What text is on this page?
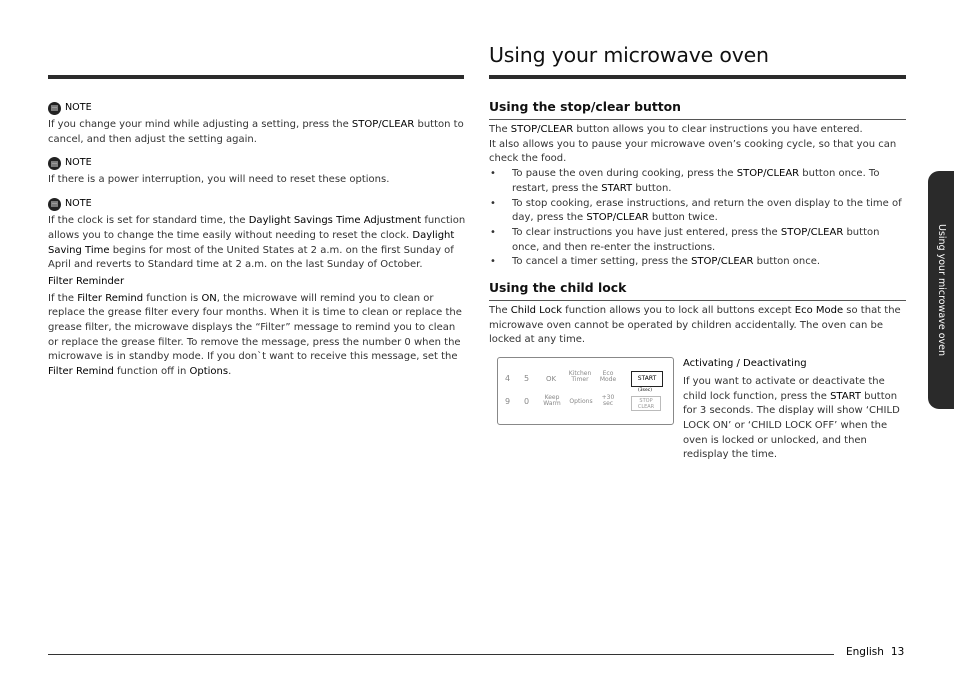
Using your microwave oven
▤ NOTE

If you change your mind while adjusting a setting, press the STOP/CLEAR button to cancel, and then adjust the setting again.

▤ NOTE

If there is a power interruption, you will need to reset these options.

▤ NOTE

If the clock is set for standard time, the Daylight Savings Time Adjustment function allows you to change the time easily without needing to reset the clock. Daylight Saving Time begins for most of the United States at 2 a.m. on the first Sunday of April and reverts to Standard time at 2 a.m. on the last Sunday of October.

Filter Reminder

If the Filter Remind function is ON, the microwave will remind you to clean or replace the grease filter every four months. When it is time to clean or replace the grease filter, the microwave displays the “Filter” message to remind you to clean or replace the grease filter. To remove the message, press the number 0 when the microwave is in standby mode. If you don`t want to receive this message, set the Filter Remind function off in Options.

Using the stop/clear button

The STOP/CLEAR button allows you to clear instructions you have entered.

It also allows you to pause your microwave oven’s cooking cycle, so that you can check the food.

• To pause the oven during cooking, press the STOP/CLEAR button once. To restart, press the START button.
• To stop cooking, erase instructions, and return the oven display to the time of day, press the STOP/CLEAR button twice.
• To clear instructions you have just entered, press the STOP/CLEAR button once, and then re-enter the instructions.
• To cancel a timer setting, press the STOP/CLEAR button once.
Using the child lock

The Child Lock function allows you to lock all buttons except Eco Mode so that the microwave oven cannot be operated by children accidentally. The oven can be locked at any time.

4 5
9 0
OK
Kitchen Timer
Eco Mode
Keep Warm Options
+30 sec
START
(3sec)
STOP
CLEAR

Activating / Deactivating

If you want to activate or deactivate the child lock function, press the START button for 3 seconds. The display will show ‘CHILD LOCK ON’ or ‘CHILD LOCK OFF’ when the oven is locked or unlocked, and then redisplay the time.

Using your microwave oven
English 13
